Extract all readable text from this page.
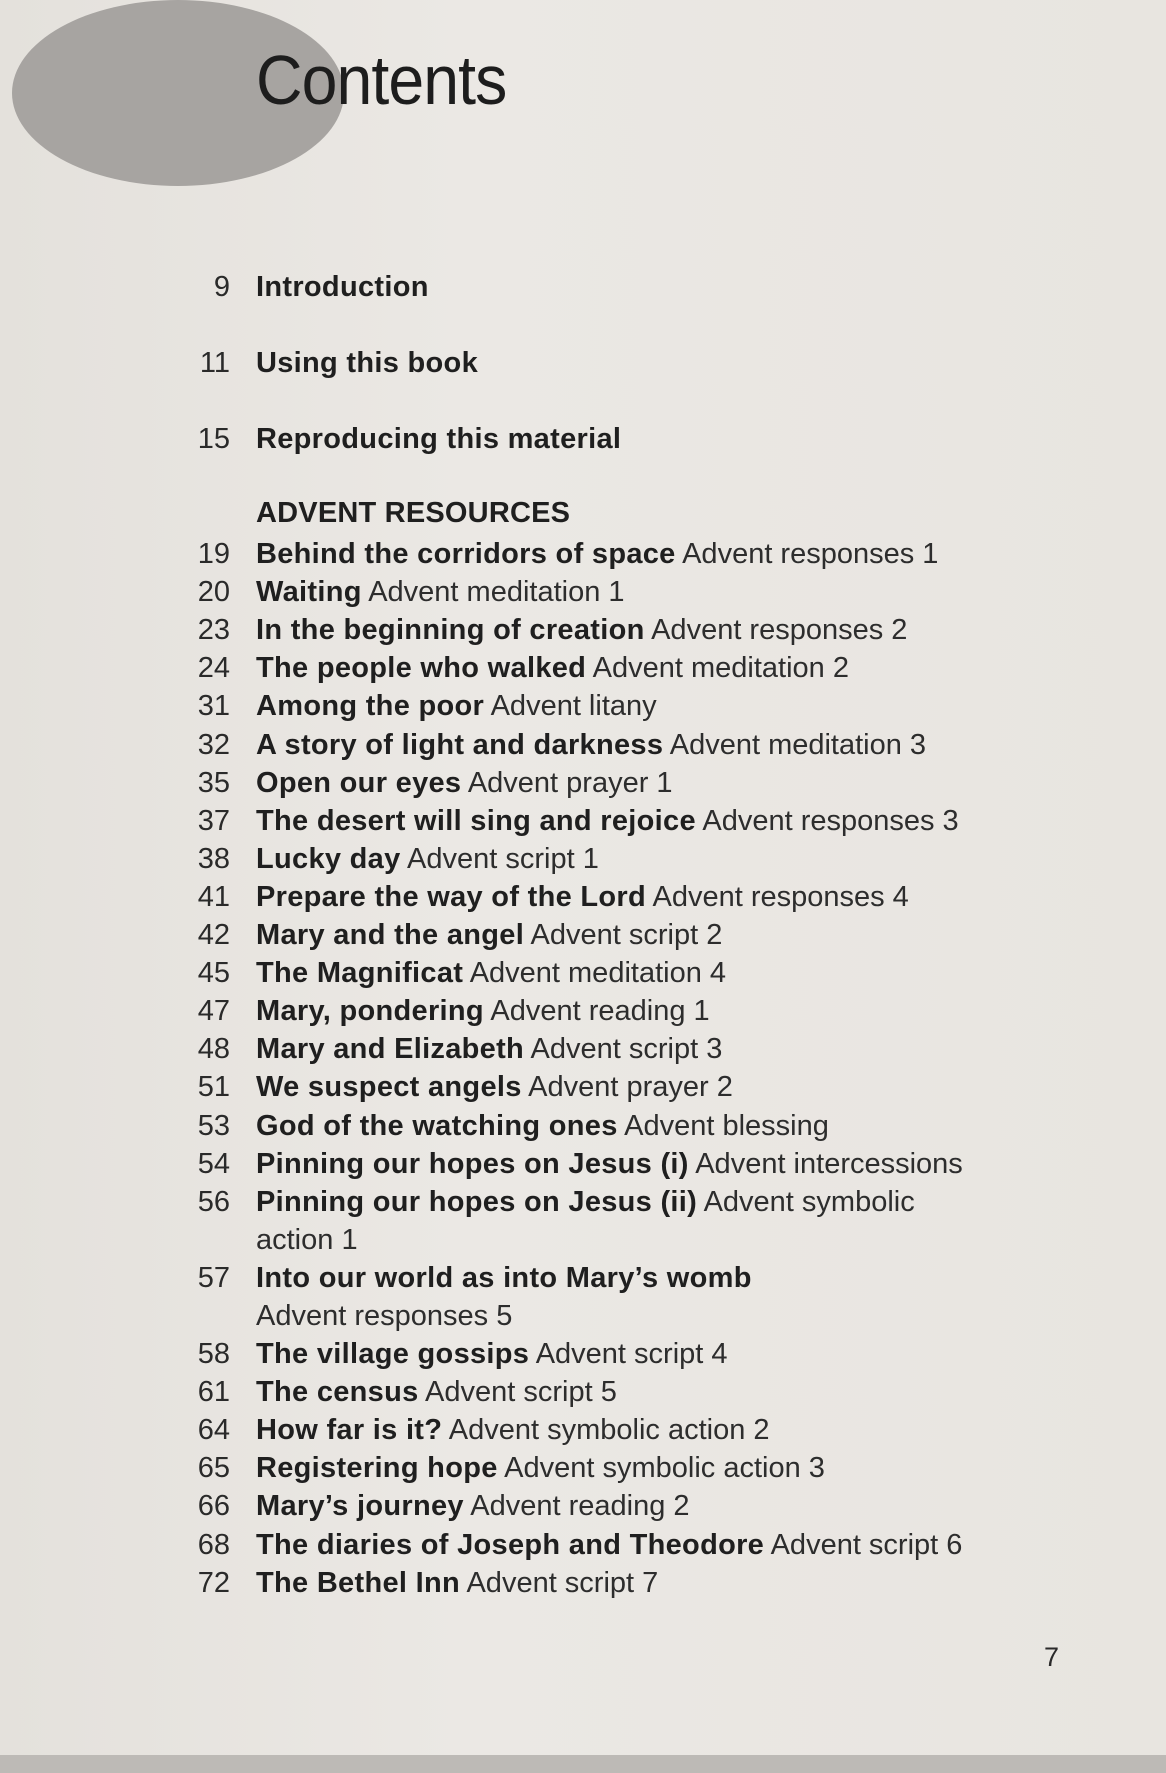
Contents
9 Introduction
11 Using this book
15 Reproducing this material
19 Behind the corridors of space Advent responses 1
20 Waiting Advent meditation 1
23 In the beginning of creation Advent responses 2
24 The people who walked Advent meditation 2
31 Among the poor Advent litany
32 A story of light and darkness Advent meditation 3
35 Open our eyes Advent prayer 1
37 The desert will sing and rejoice Advent responses 3
38 Lucky day Advent script 1
41 Prepare the way of the Lord Advent responses 4
42 Mary and the angel Advent script 2
45 The Magnificat Advent meditation 4
47 Mary, pondering Advent reading 1
48 Mary and Elizabeth Advent script 3
51 We suspect angels Advent prayer 2
53 God of the watching ones Advent blessing
54 Pinning our hopes on Jesus (i) Advent intercessions
56 Pinning our hopes on Jesus (ii) Advent symbolic
action 1
57 Into our world as into Mary’s womb
Advent responses 5
58 The village gossips Advent script 4
61 The census Advent script 5
64 How far is it? Advent symbolic action 2
65 Registering hope Advent symbolic action 3
66 Mary’s journey Advent reading 2
68 The diaries of Joseph and Theodore Advent script 6
72 The Bethel Inn Advent script 7
ADVENT RESOURCES
7
